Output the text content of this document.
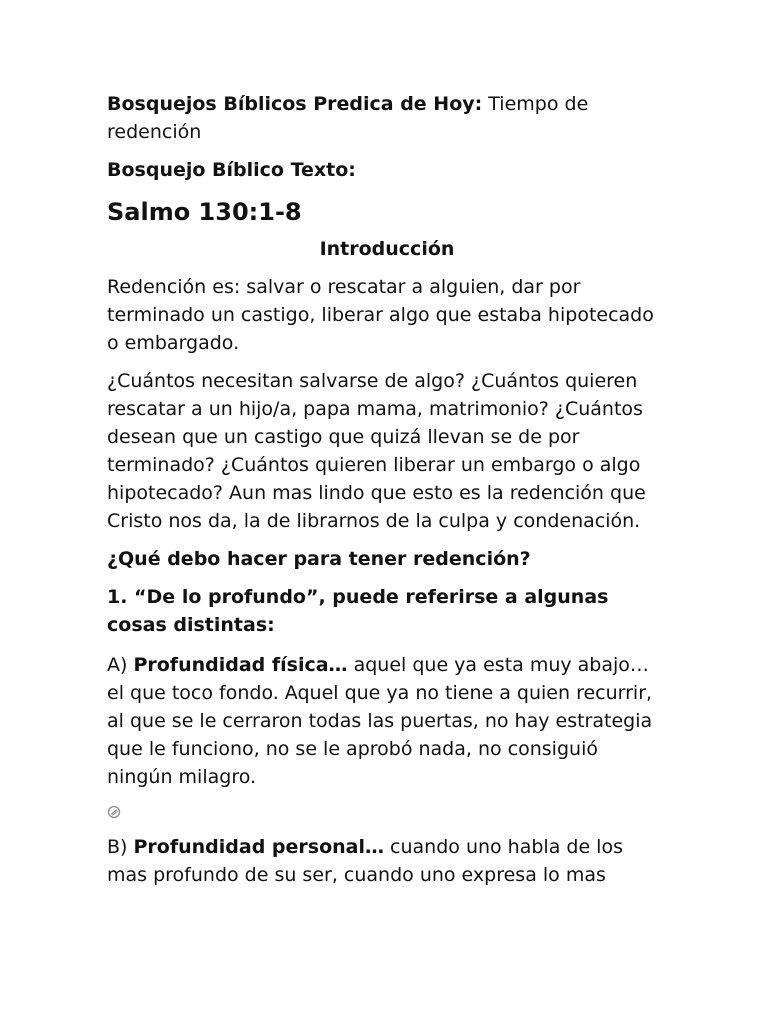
Bosquejos Bíblicos Predica de Hoy: Tiempo de redención

Bosquejo Bíblico Texto:

Salmo 130:1-8

Introducción

Redención es: salvar o rescatar a alguien, dar por terminado un castigo, liberar algo que estaba hipotecado o embargado.

¿Cuántos necesitan salvarse de algo? ¿Cuántos quieren rescatar a un hijo/a, papa mama, matrimonio? ¿Cuántos desean que un castigo que quizá llevan se de por terminado? ¿Cuántos quieren liberar un embargo o algo hipotecado? Aun mas lindo que esto es la redención que Cristo nos da, la de librarnos de la culpa y condenación.

¿Qué debo hacer para tener redención?

1. “De lo profundo”, puede referirse a algunas cosas distintas:

A) Profundidad física… aquel que ya esta muy abajo… el que toco fondo. Aquel que ya no tiene a quien recurrir, al que se le cerraron todas las puertas, no hay estrategia que le funciono, no se le aprobó nada, no consiguió ningún milagro.

B) Profundidad personal… cuando uno habla de los mas profundo de su ser, cuando uno expresa lo mas
